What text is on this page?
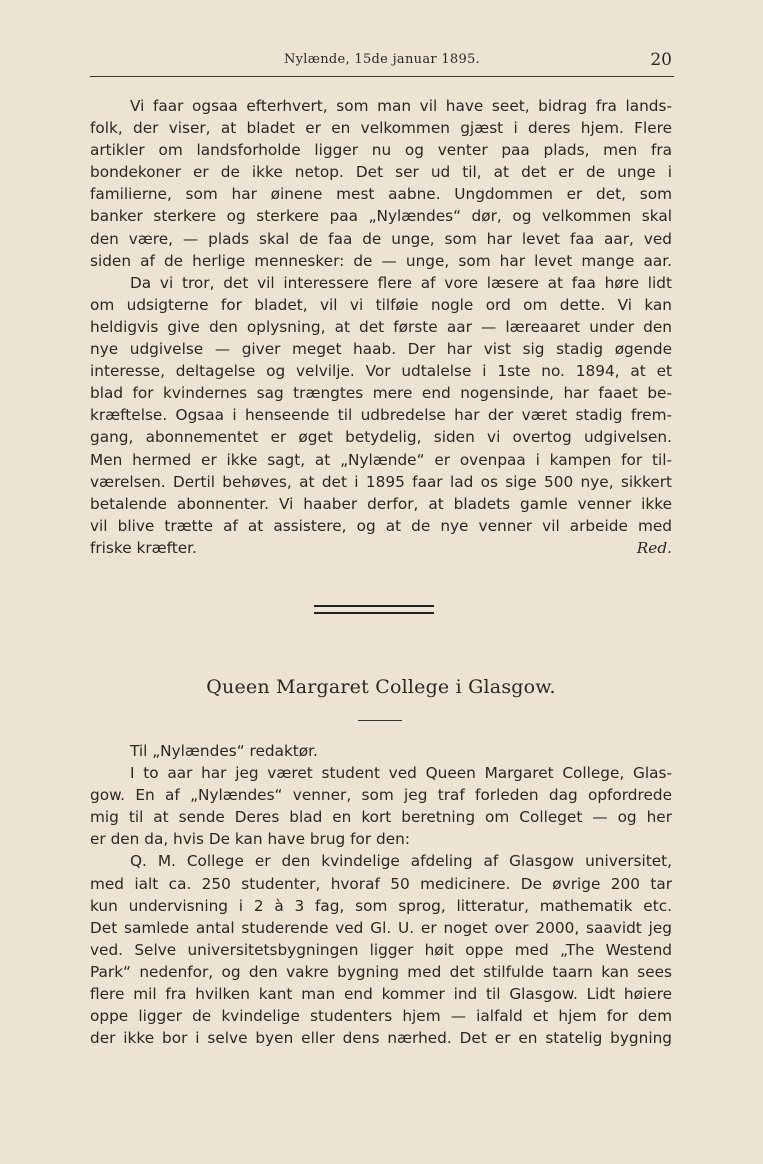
Nylænde, 15de januar 1895.	20
Vi faar ogsaa efterhvert, som man vil have seet, bidrag fra lands-
folk, der viser, at bladet er en velkommen gjæst i deres hjem. Flere
artikler om landsforholde ligger nu og venter paa plads, men fra
bondekoner er de ikke netop. Det ser ud til, at det er de unge i
familierne, som har øinene mest aabne. Ungdommen er det, som
banker sterkere og sterkere paa „Nylændes“ dør, og velkommen skal
den være, — plads skal de faa de unge, som har levet faa aar, ved
siden af de herlige mennesker: de — unge, som har levet mange aar.
Da vi tror, det vil interessere flere af vore læsere at faa høre lidt
om udsigterne for bladet, vil vi tilføie nogle ord om dette. Vi kan
heldigvis give den oplysning, at det første aar — læreaaret under den
nye udgivelse — giver meget haab. Der har vist sig stadig øgende
interesse, deltagelse og velvilje. Vor udtalelse i 1ste no. 1894, at et
blad for kvindernes sag trængtes mere end nogensinde, har faaet be-
kræftelse. Ogsaa i henseende til udbredelse har der været stadig frem-
gang, abonnementet er øget betydelig, siden vi overtog udgivelsen.
Men hermed er ikke sagt, at „Nylænde“ er ovenpaa i kampen for til-
værelsen. Dertil behøves, at det i 1895 faar lad os sige 500 nye, sikkert
betalende abonnenter. Vi haaber derfor, at bladets gamle venner ikke
vil blive trætte af at assistere, og at de nye venner vil arbeide med
friske kræfter.	Red.
Queen Margaret College i Glasgow.
Til „Nylændes“ redaktør.
I to aar har jeg været student ved Queen Margaret College, Glas-
gow. En af „Nylændes“ venner, som jeg traf forleden dag opfordrede
mig til at sende Deres blad en kort beretning om Colleget — og her
er den da, hvis De kan have brug for den:
Q. M. College er den kvindelige afdeling af Glasgow universitet,
med ialt ca. 250 studenter, hvoraf 50 medicinere. De øvrige 200 tar
kun undervisning i 2 à 3 fag, som sprog, litteratur, mathematik etc.
Det samlede antal studerende ved Gl. U. er noget over 2000, saavidt jeg
ved. Selve universitetsbygningen ligger høit oppe med „The Westend
Park“ nedenfor, og den vakre bygning med det stilfulde taarn kan sees
flere mil fra hvilken kant man end kommer ind til Glasgow. Lidt høiere
oppe ligger de kvindelige studenters hjem — ialfald et hjem for dem
der ikke bor i selve byen eller dens nærhed. Det er en statelig bygning
